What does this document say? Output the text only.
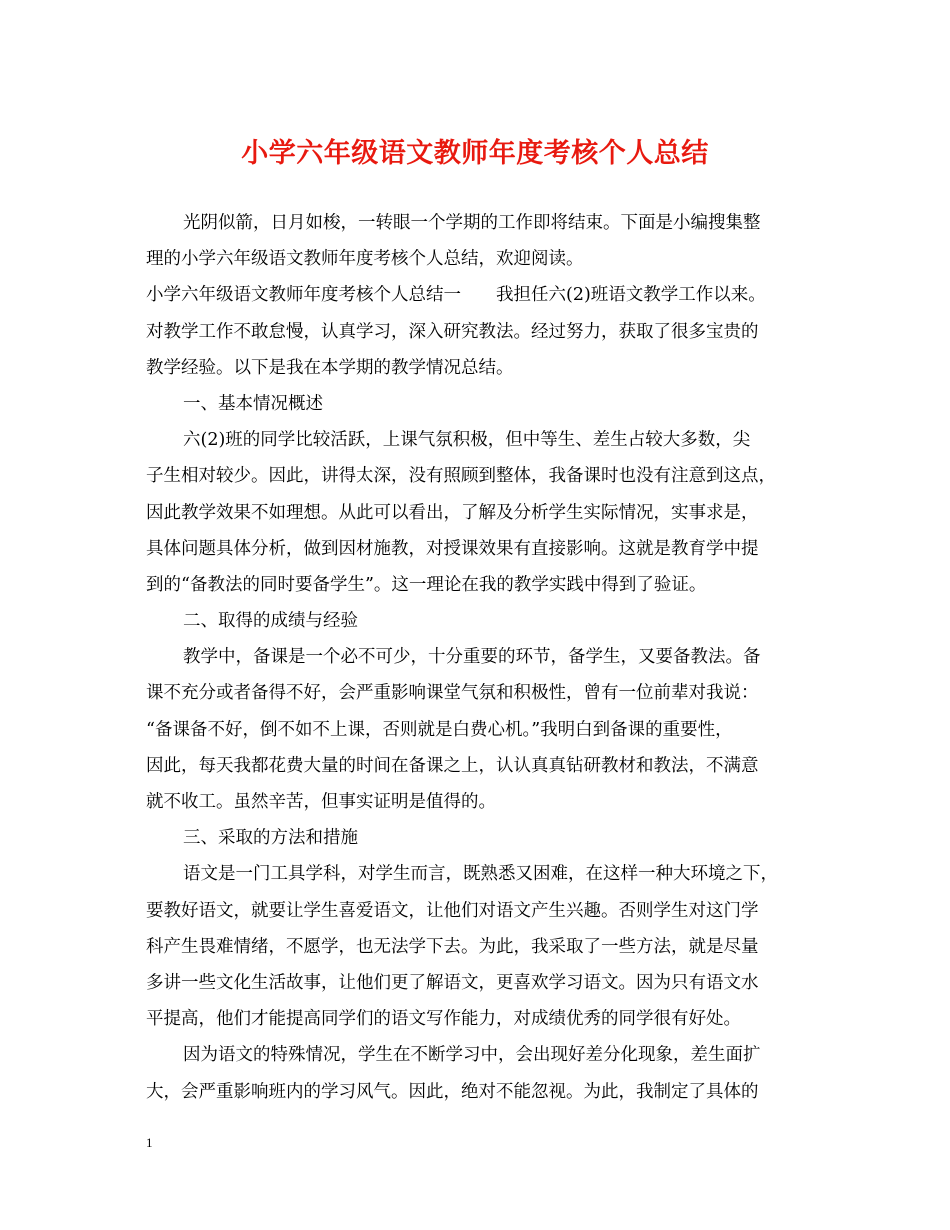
小学六年级语文教师年度考核个人总结
光阴似箭，日月如梭，一转眼一个学期的工作即将结束。下面是小编搜集整
理的小学六年级语文教师年度考核个人总结，欢迎阅读。
小学六年级语文教师年度考核个人总结一　　我担任六(2)班语文教学工作以来。
对教学工作不敢怠慢，认真学习，深入研究教法。经过努力，获取了很多宝贵的
教学经验。以下是我在本学期的教学情况总结。
一、基本情况概述
六(2)班的同学比较活跃，上课气氛积极，但中等生、差生占较大多数，尖
子生相对较少。因此，讲得太深，没有照顾到整体，我备课时也没有注意到这点，
因此教学效果不如理想。从此可以看出，了解及分析学生实际情况，实事求是，
具体问题具体分析，做到因材施教，对授课效果有直接影响。这就是教育学中提
到的“备教法的同时要备学生”。这一理论在我的教学实践中得到了验证。
二、取得的成绩与经验
教学中，备课是一个必不可少，十分重要的环节，备学生，又要备教法。备
课不充分或者备得不好，会严重影响课堂气氛和积极性，曾有一位前辈对我说：
“备课备不好，倒不如不上课，否则就是白费心机。”我明白到备课的重要性，
因此，每天我都花费大量的时间在备课之上，认认真真钻研教材和教法，不满意
就不收工。虽然辛苦，但事实证明是值得的。
三、采取的方法和措施
语文是一门工具学科，对学生而言，既熟悉又困难，在这样一种大环境之下，
要教好语文，就要让学生喜爱语文，让他们对语文产生兴趣。否则学生对这门学
科产生畏难情绪，不愿学，也无法学下去。为此，我采取了一些方法，就是尽量
多讲一些文化生活故事，让他们更了解语文，更喜欢学习语文。因为只有语文水
平提高，他们才能提高同学们的语文写作能力，对成绩优秀的同学很有好处。
因为语文的特殊情况，学生在不断学习中，会出现好差分化现象，差生面扩
大，会严重影响班内的学习风气。因此，绝对不能忽视。为此，我制定了具体的
1
